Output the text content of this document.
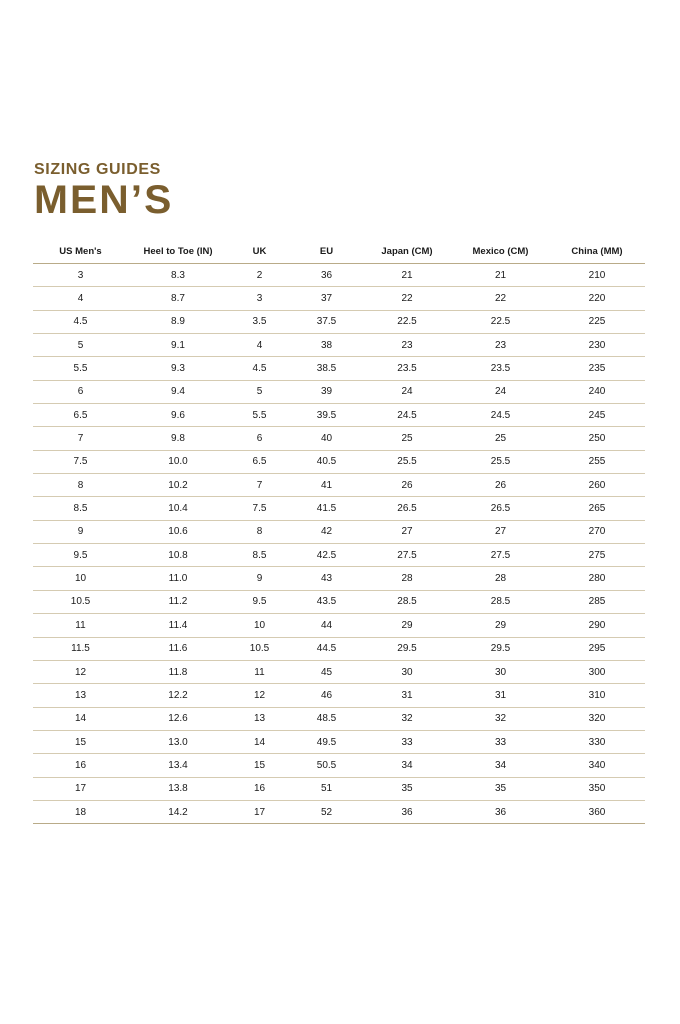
SIZING GUIDES
MEN’S
US Men's	Heel to Toe (IN)	UK	EU	Japan (CM)	Mexico (CM)	China (MM)
3	8.3	2	36	21	21	210
4	8.7	3	37	22	22	220
4.5	8.9	3.5	37.5	22.5	22.5	225
5	9.1	4	38	23	23	230
5.5	9.3	4.5	38.5	23.5	23.5	235
6	9.4	5	39	24	24	240
6.5	9.6	5.5	39.5	24.5	24.5	245
7	9.8	6	40	25	25	250
7.5	10.0	6.5	40.5	25.5	25.5	255
8	10.2	7	41	26	26	260
8.5	10.4	7.5	41.5	26.5	26.5	265
9	10.6	8	42	27	27	270
9.5	10.8	8.5	42.5	27.5	27.5	275
10	11.0	9	43	28	28	280
10.5	11.2	9.5	43.5	28.5	28.5	285
11	11.4	10	44	29	29	290
11.5	11.6	10.5	44.5	29.5	29.5	295
12	11.8	11	45	30	30	300
13	12.2	12	46	31	31	310
14	12.6	13	48.5	32	32	320
15	13.0	14	49.5	33	33	330
16	13.4	15	50.5	34	34	340
17	13.8	16	51	35	35	350
18	14.2	17	52	36	36	360
